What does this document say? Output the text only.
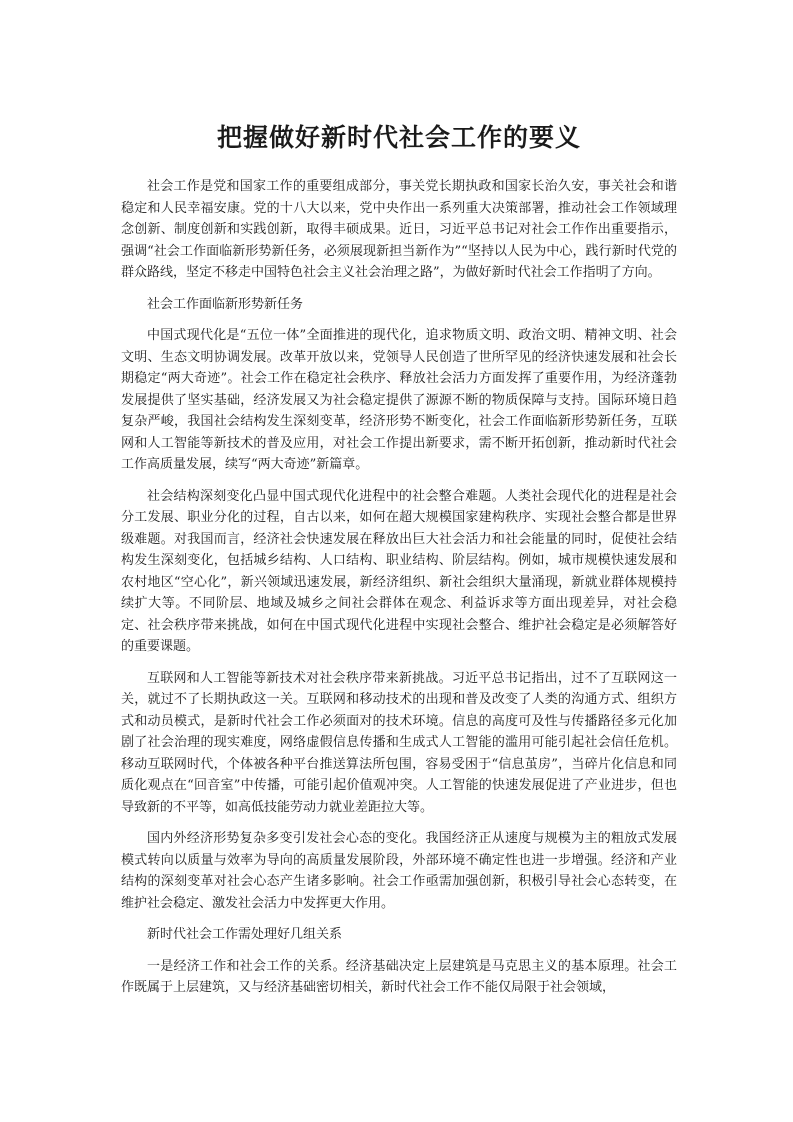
把握做好新时代社会工作的要义

社会工作是党和国家工作的重要组成部分，事关党长期执政和国家长治久安，事关社会和谐稳定和人民幸福安康。党的十八大以来，党中央作出一系列重大决策部署，推动社会工作领域理念创新、制度创新和实践创新，取得丰硕成果。近日，习近平总书记对社会工作作出重要指示，强调“社会工作面临新形势新任务，必须展现新担当新作为”“坚持以人民为中心，践行新时代党的群众路线，坚定不移走中国特色社会主义社会治理之路”，为做好新时代社会工作指明了方向。

社会工作面临新形势新任务

中国式现代化是“五位一体”全面推进的现代化，追求物质文明、政治文明、精神文明、社会文明、生态文明协调发展。改革开放以来，党领导人民创造了世所罕见的经济快速发展和社会长期稳定“两大奇迹”。社会工作在稳定社会秩序、释放社会活力方面发挥了重要作用，为经济蓬勃发展提供了坚实基础，经济发展又为社会稳定提供了源源不断的物质保障与支持。国际环境日趋复杂严峻，我国社会结构发生深刻变革，经济形势不断变化，社会工作面临新形势新任务，互联网和人工智能等新技术的普及应用，对社会工作提出新要求，需不断开拓创新，推动新时代社会工作高质量发展，续写“两大奇迹”新篇章。

社会结构深刻变化凸显中国式现代化进程中的社会整合难题。人类社会现代化的进程是社会分工发展、职业分化的过程，自古以来，如何在超大规模国家建构秩序、实现社会整合都是世界级难题。对我国而言，经济社会快速发展在释放出巨大社会活力和社会能量的同时，促使社会结构发生深刻变化，包括城乡结构、人口结构、职业结构、阶层结构。例如，城市规模快速发展和农村地区“空心化”，新兴领域迅速发展，新经济组织、新社会组织大量涌现，新就业群体规模持续扩大等。不同阶层、地域及城乡之间社会群体在观念、利益诉求等方面出现差异，对社会稳定、社会秩序带来挑战，如何在中国式现代化进程中实现社会整合、维护社会稳定是必须解答好的重要课题。

互联网和人工智能等新技术对社会秩序带来新挑战。习近平总书记指出，过不了互联网这一关，就过不了长期执政这一关。互联网和移动技术的出现和普及改变了人类的沟通方式、组织方式和动员模式，是新时代社会工作必须面对的技术环境。信息的高度可及性与传播路径多元化加剧了社会治理的现实难度，网络虚假信息传播和生成式人工智能的滥用可能引起社会信任危机。移动互联网时代，个体被各种平台推送算法所包围，容易受困于“信息茧房”，当碎片化信息和同质化观点在“回音室”中传播，可能引起价值观冲突。人工智能的快速发展促进了产业进步，但也导致新的不平等，如高低技能劳动力就业差距拉大等。

国内外经济形势复杂多变引发社会心态的变化。我国经济正从速度与规模为主的粗放式发展模式转向以质量与效率为导向的高质量发展阶段，外部环境不确定性也进一步增强。经济和产业结构的深刻变革对社会心态产生诸多影响。社会工作亟需加强创新，积极引导社会心态转变，在维护社会稳定、激发社会活力中发挥更大作用。

新时代社会工作需处理好几组关系

一是经济工作和社会工作的关系。经济基础决定上层建筑是马克思主义的基本原理。社会工作既属于上层建筑，又与经济基础密切相关，新时代社会工作不能仅局限于社会领域，
